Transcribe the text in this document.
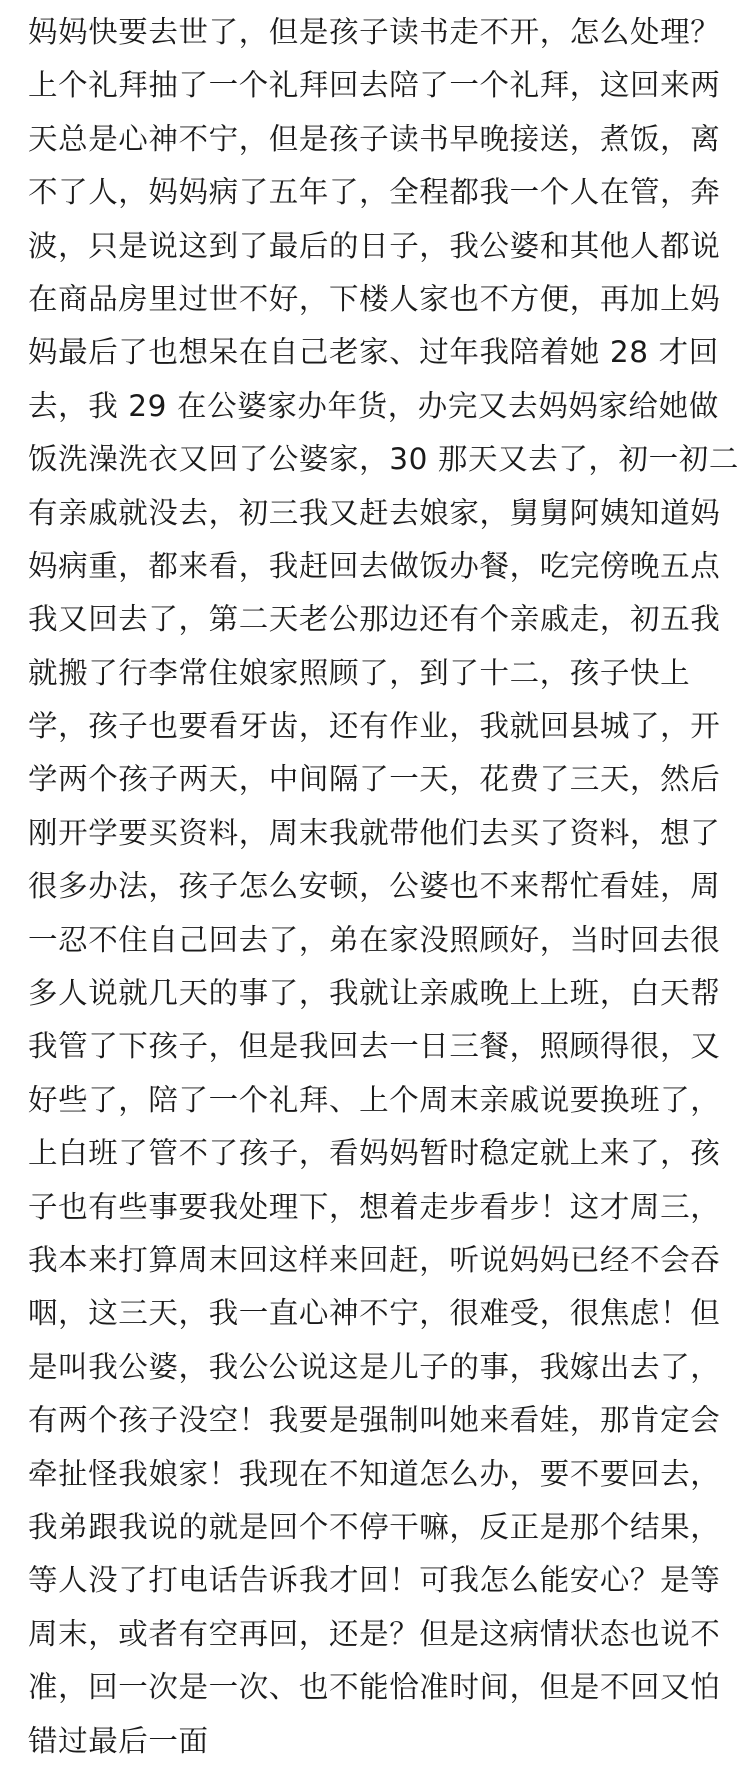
妈妈快要去世了，但是孩子读书走不开，怎么处理？
上个礼拜抽了一个礼拜回去陪了一个礼拜，这回来两
天总是心神不宁，但是孩子读书早晚接送，煮饭，离
不了人，妈妈病了五年了，全程都我一个人在管，奔
波，只是说这到了最后的日子，我公婆和其他人都说
在商品房里过世不好，下楼人家也不方便，再加上妈
妈最后了也想呆在自己老家、过年我陪着她 28 才回
去，我 29 在公婆家办年货，办完又去妈妈家给她做
饭洗澡洗衣又回了公婆家，30 那天又去了，初一初二
有亲戚就没去，初三我又赶去娘家，舅舅阿姨知道妈
妈病重，都来看，我赶回去做饭办餐，吃完傍晚五点
我又回去了，第二天老公那边还有个亲戚走，初五我
就搬了行李常住娘家照顾了，到了十二，孩子快上
学，孩子也要看牙齿，还有作业，我就回县城了，开
学两个孩子两天，中间隔了一天，花费了三天，然后
刚开学要买资料，周末我就带他们去买了资料，想了
很多办法，孩子怎么安顿，公婆也不来帮忙看娃，周
一忍不住自己回去了，弟在家没照顾好，当时回去很
多人说就几天的事了，我就让亲戚晚上上班，白天帮
我管了下孩子，但是我回去一日三餐，照顾得很，又
好些了，陪了一个礼拜、上个周末亲戚说要换班了，
上白班了管不了孩子，看妈妈暂时稳定就上来了，孩
子也有些事要我处理下，想着走步看步！这才周三，
我本来打算周末回这样来回赶，听说妈妈已经不会吞
咽，这三天，我一直心神不宁，很难受，很焦虑！但
是叫我公婆，我公公说这是儿子的事，我嫁出去了，
有两个孩子没空！我要是强制叫她来看娃，那肯定会
牵扯怪我娘家！我现在不知道怎么办，要不要回去，
我弟跟我说的就是回个不停干嘛，反正是那个结果，
等人没了打电话告诉我才回！可我怎么能安心？是等
周末，或者有空再回，还是？但是这病情状态也说不
准，回一次是一次、也不能恰准时间，但是不回又怕
错过最后一面
